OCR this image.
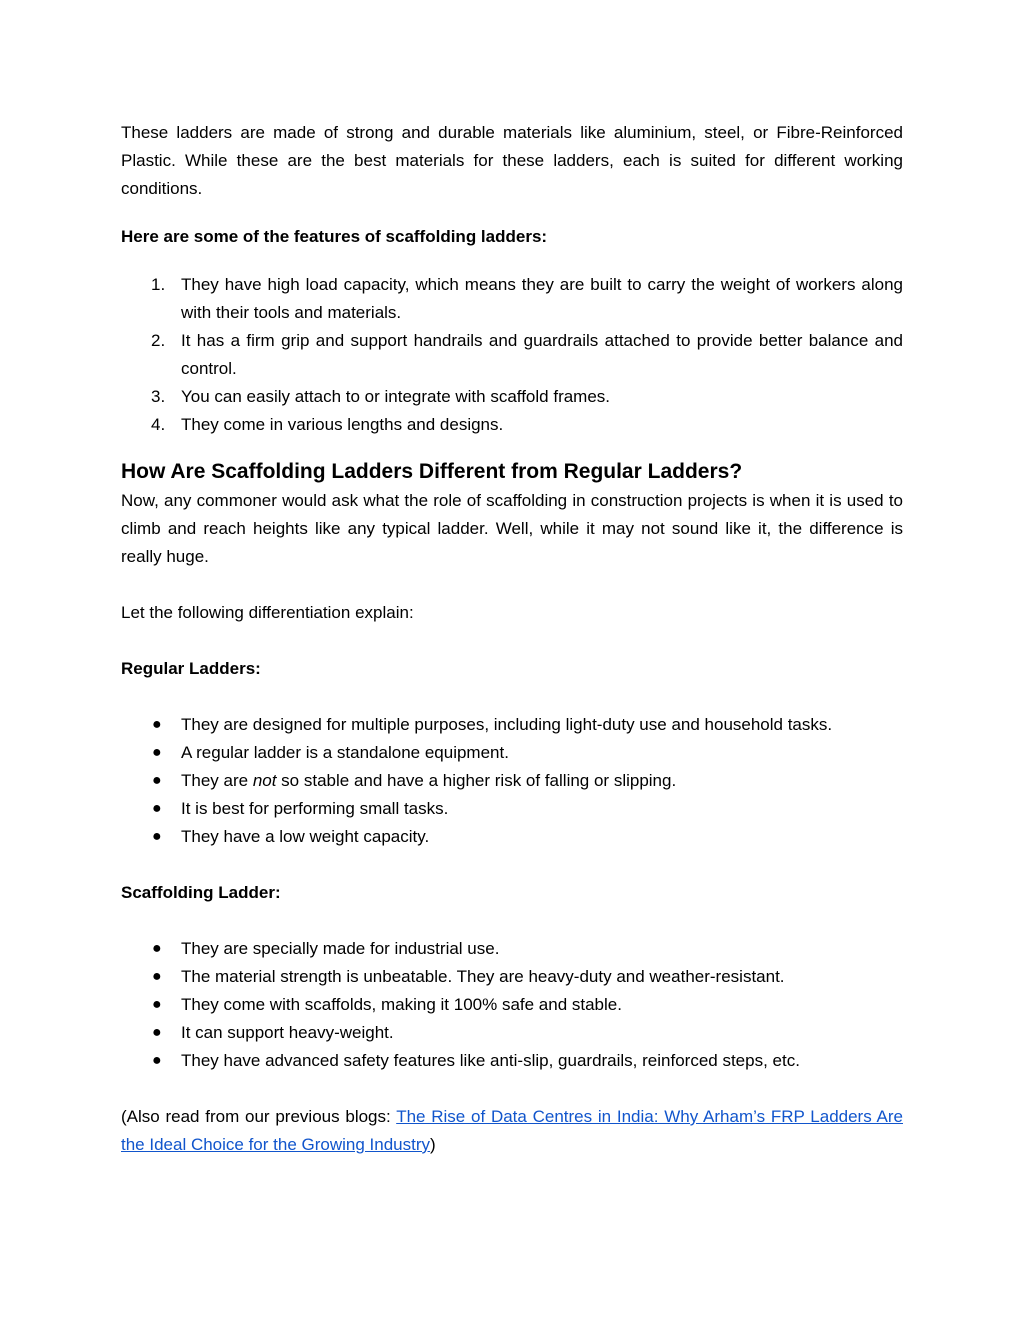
These ladders are made of strong and durable materials like aluminium, steel, or Fibre-Reinforced Plastic. While these are the best materials for these ladders, each is suited for different working conditions.

Here are some of the features of scaffolding ladders:

1. They have high load capacity, which means they are built to carry the weight of workers along with their tools and materials.
2. It has a firm grip and support handrails and guardrails attached to provide better balance and control.
3. You can easily attach to or integrate with scaffold frames.
4. They come in various lengths and designs.
How Are Scaffolding Ladders Different from Regular Ladders?

Now, any commoner would ask what the role of scaffolding in construction projects is when it is used to climb and reach heights like any typical ladder. Well, while it may not sound like it, the difference is really huge.

Let the following differentiation explain:

Regular Ladders:

● They are designed for multiple purposes, including light-duty use and household tasks.
● A regular ladder is a standalone equipment.
● They are not so stable and have a higher risk of falling or slipping.
● It is best for performing small tasks.
● They have a low weight capacity.

Scaffolding Ladder:

● They are specially made for industrial use.
● The material strength is unbeatable. They are heavy-duty and weather-resistant.
● They come with scaffolds, making it 100% safe and stable.
● It can support heavy-weight.
● They have advanced safety features like anti-slip, guardrails, reinforced steps, etc.

(Also read from our previous blogs: The Rise of Data Centres in India: Why Arham’s FRP Ladders Are the Ideal Choice for the Growing Industry)
